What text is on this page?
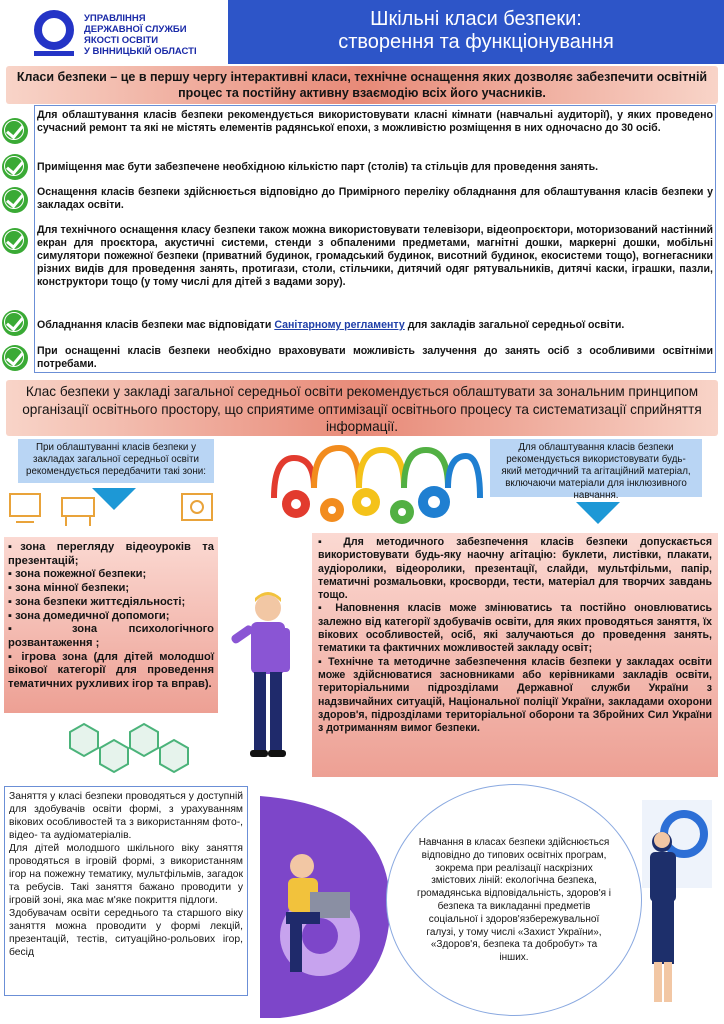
УПРАВЛІННЯ
ДЕРЖАВНОЇ СЛУЖБИ
ЯКОСТІ ОСВІТИ
У ВІННИЦЬКІЙ ОБЛАСТІ
Шкільні класи безпеки:
створення та функціонування
Класи безпеки – це в першу чергу інтерактивні класи, технічне оснащення яких дозволяє забезпечити освітній процес та постійну активну взаємодію всіх його учасників.
Для облаштування класів безпеки рекомендується використовувати класні кімнати (навчальні аудиторії), у яких проведено сучасний ремонт та які не містять елементів радянської епохи, з можливістю розміщення в них одночасно до 30 осіб.
Приміщення має бути забезпечене необхідною кількістю парт (столів) та стільців для проведення занять.
Оснащення класів безпеки здійснюється відповідно до Примірного переліку обладнання для облаштування класів безпеки у закладах освіти.
Для технічного оснащення класу безпеки також можна використовувати телевізори, відеопроєктори, моторизований настінний екран для проєктора, акустичні системи, стенди з обпаленими предметами, магнітні дошки, маркерні дошки, мобільні симулятори пожежної безпеки (приватний будинок, громадський будинок, висотний будинок, екосистеми тощо), вогнегасники різних видів для проведення занять, протигази, столи, стільчики, дитячий одяг рятувальників, дитячі каски, іграшки, пазли, конструктори тощо (у тому числі для дітей з вадами зору).
Обладнання класів безпеки має відповідати Санітарному регламенту для закладів загальної середньої освіти.
При оснащенні класів безпеки необхідно враховувати можливість залучення до занять осіб з особливими освітніми потребами.
Клас безпеки у закладі загальної середньої освіти рекомендується облаштувати за зональним принципом організації освітнього простору, що сприятиме оптимізації освітнього процесу та систематизації сприйняття інформації.
При облаштуванні класів безпеки у закладах загальної середньої освіти рекомендується передбачити такі зони:
Для облаштування класів безпеки рекомендується використовувати будь-який методичний та агітаційний матеріал, включаючи матеріали для інклюзивного навчання.
▪зона перегляду відеоуроків та презентацій;
▪ зона пожежної безпеки;
▪ зона мінної безпеки;
▪ зона безпеки життєдіяльності;
▪ зона домедичної допомоги;
▪ зона психологічного розвантаження ;
▪ ігрова зона (для дітей молодшої вікової категорії для проведення тематичних рухливих ігор та вправ).

▪ Для методичного забезпечення класів безпеки допускається використовувати будь-яку наочну агітацію: буклети, листівки, плакати, аудіоролики, відеоролики, презентації, слайди, мультфільми, папір, тематичні розмальовки, кросворди, тести, матеріал для творчих завдань тощо.

▪ Наповнення класів може змінюватись та постійно оновлюватись залежно від категорії здобувачів освіти, для яких проводяться заняття, їх вікових особливостей, осіб, які залучаються до проведення занять, тематики та фактичних можливостей закладу освіт;

▪ Технічне та методичне забезпечення класів безпеки у закладах освіти може здійснюватися засновниками або керівниками закладів освіти, територіальними підрозділами Державної служби України з надзвичайних ситуацій, Національної поліції України, закладами охорони здоров'я, підрозділами територіальної оборони та Збройних Сил України з дотриманням вимог безпеки.

Заняття у класі безпеки проводяться у доступній для здобувачів освіти формі, з урахуванням вікових особливостей та з використанням фото-, відео- та аудіоматеріалів.

Для дітей молодшого шкільного віку заняття проводяться в ігровій формі, з використанням ігор на пожежну тематику, мультфільмів, загадок та ребусів. Такі заняття бажано проводити у ігровій зоні, яка має м'яке покриття підлоги.

Здобувачам освіти середнього та старшого віку заняття можна проводити у формі лекцій, презентацій, тестів, ситуаційно-рольових ігор, бесід

Навчання в класах безпеки здійснюється відповідно до типових освітніх програм, зокрема при реалізації наскрізних змістових ліній: екологічна безпека, громадянська відповідальність, здоров'я і безпека та викладанні предметів соціальної і здоров'язбережувальної галузі, у тому числі «Захист України», «Здоров'я, безпека та добробут» та інших.
